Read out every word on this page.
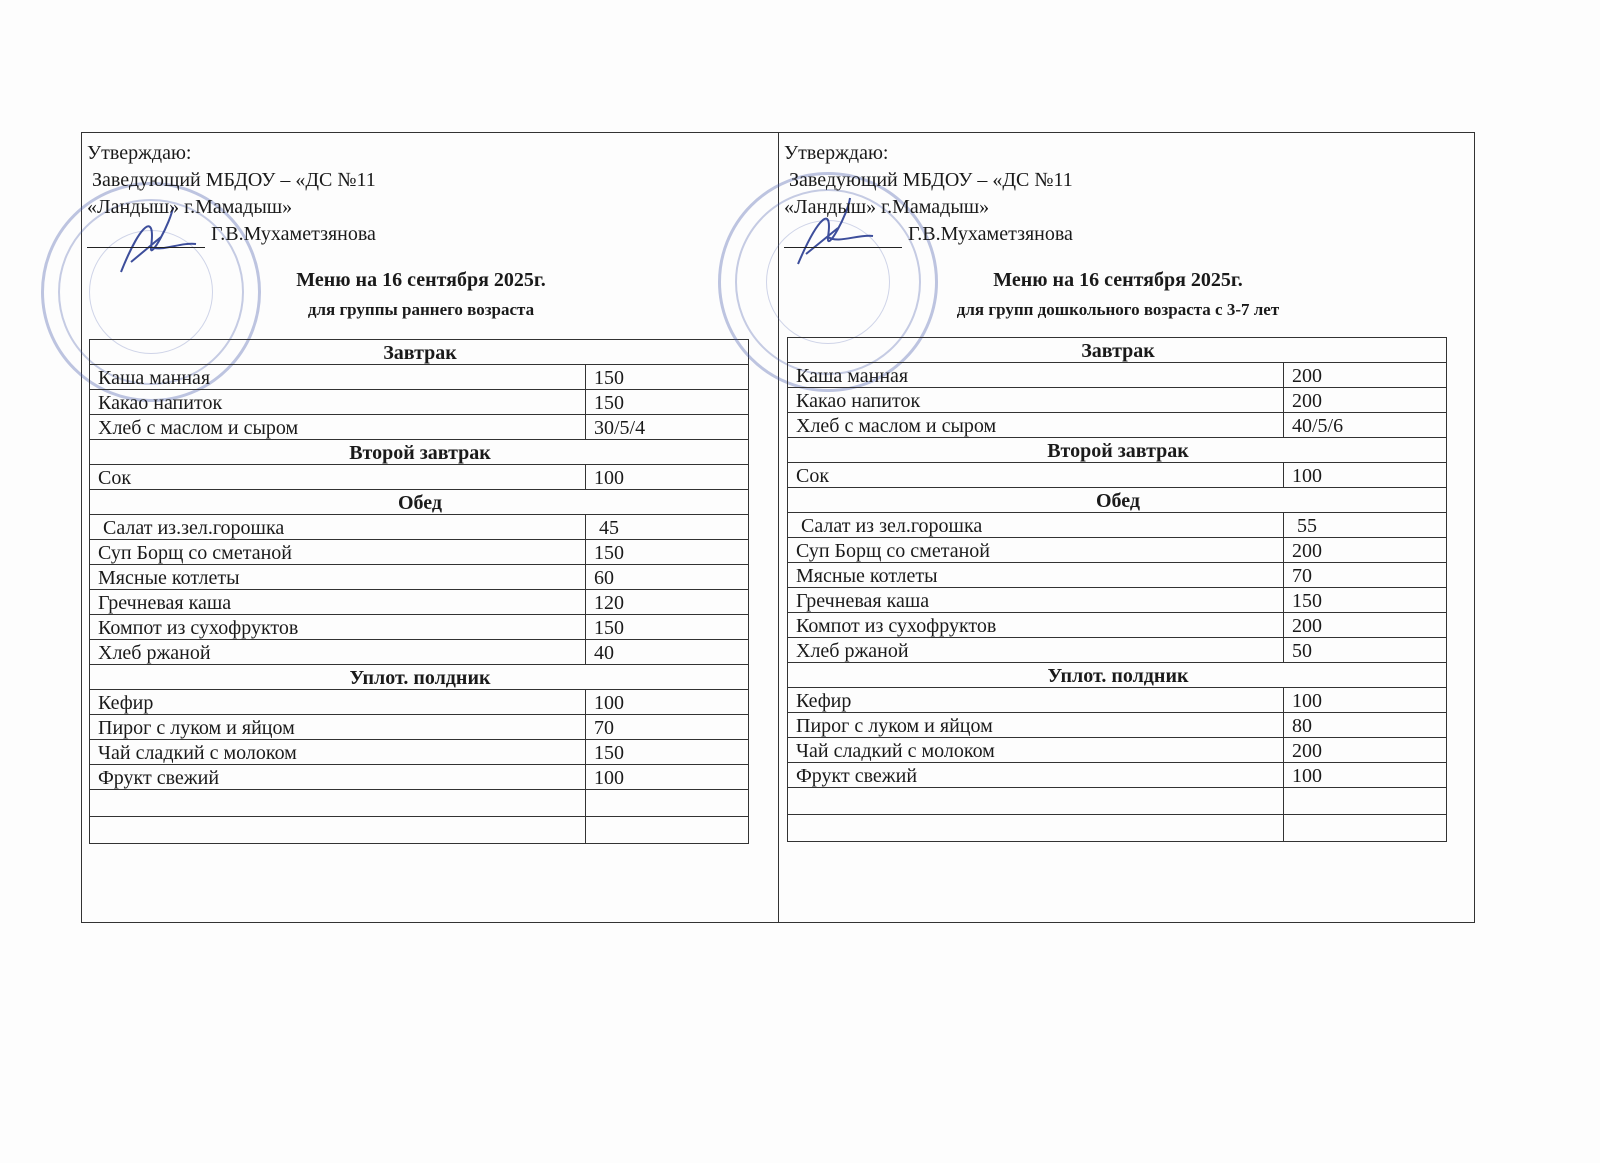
Утверждаю:
Заведующий МБДОУ – «ДС №11
«Ландыш» г.Мамадыш»
Г.В.Мухаметзянова
Меню на 16 сентября 2025г.
для группы раннего возраста
Завтрак	
Каша манная	150
Какао напиток	150
Хлеб с маслом и сыром	30/5/4
Второй завтрак	
Сок	100
Обед	
Салат из.зел.горошка	45
Суп Борщ со сметаной	150
Мясные котлеты	60
Гречневая каша	120
Компот из сухофруктов	150
Хлеб ржаной	40
Уплот. полдник	
Кефир	100
Пирог с луком и яйцом	70
Чай сладкий с молоком	150
Фрукт свежий	100

Утверждаю:
Заведующий МБДОУ – «ДС №11
«Ландыш» г.Мамадыш»
Г.В.Мухаметзянова
Меню на 16 сентября 2025г.
для групп дошкольного возраста с 3-7 лет
Завтрак	
Каша манная	200
Какао напиток	200
Хлеб с маслом и сыром	40/5/6
Второй завтрак	
Сок	100
Обед	
Салат из зел.горошка	55
Суп Борщ со сметаной	200
Мясные котлеты	70
Гречневая каша	150
Компот из сухофруктов	200
Хлеб ржаной	50
Уплот. полдник	
Кефир	100
Пирог с луком и яйцом	80
Чай сладкий с молоком	200
Фрукт свежий	100
